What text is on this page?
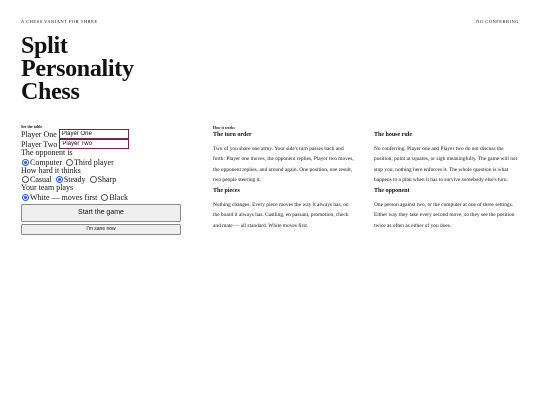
A CHESS VARIANT FOR THREE	NO CONFERRING
Split
Personality
Chess
Set the table
Player One
Player One
Player Two
Player Two
The opponent is
Computer Third player
How hard it thinks
Casual Steady Sharp
Your team plays
White — moves first Black
Start the game
I'm sane now
How it works
The turn order

Two of you share one army. Your side's turn passes back and forth: Player one moves, the opponent replies, Player two moves, the opponent replies, and around again. One position, one result, two people steering it.

The pieces

Nothing changes. Every piece moves the way it always has, on the board it always has. Castling, en passant, promotion, check and mate — all standard. White moves first.

The house rule

No conferring. Player one and Player two do not discuss the position, point at squares, or sigh meaningfully. The game will not stop you; nothing here enforces it. The whole question is what happens to a plan when it has to survive somebody else's turn.

The opponent

One person against two, or the computer at one of three settings. Either way they take every second move, so they see the position twice as often as either of you does.
